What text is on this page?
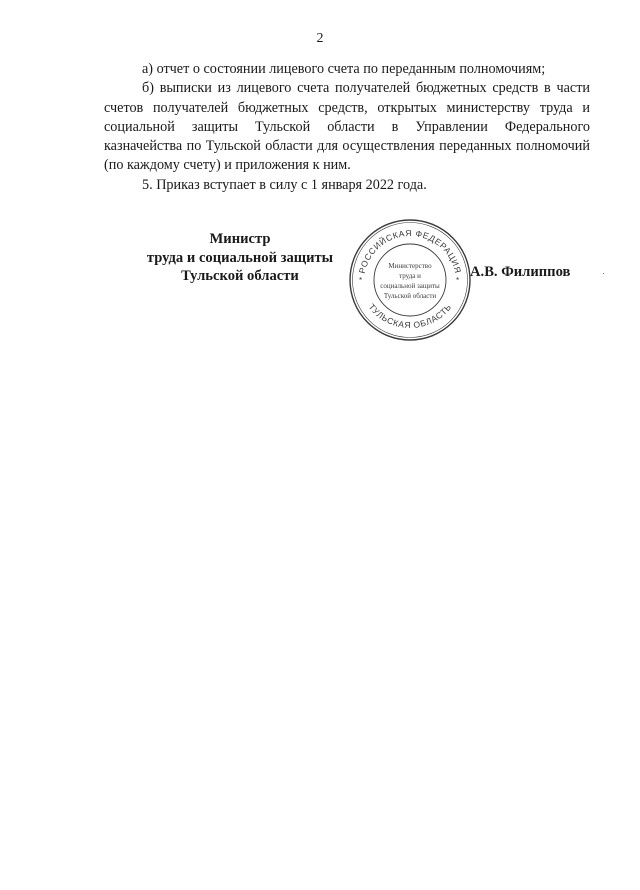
2

а) отчет о состоянии лицевого счета по переданным полномочиям;

б) выписки из лицевого счета получателей бюджетных средств в части счетов получателей бюджетных средств, открытых министерству труда и социальной защиты Тульской области в Управлении Федерального казначейства по Тульской области для осуществления переданных полномочий (по каждому счету) и приложения к ним.

5. Приказ вступает в силу с 1 января 2022 года.

Министр
труда и социальной защиты
Тульской области	А.В. Филиппов
РОССИЙСКАЯ ФЕДЕРАЦИЯ
ТУЛЬСКАЯ ОБЛАСТЬ
*	*
Министерство
труда и
социальной защиты
Тульской области
